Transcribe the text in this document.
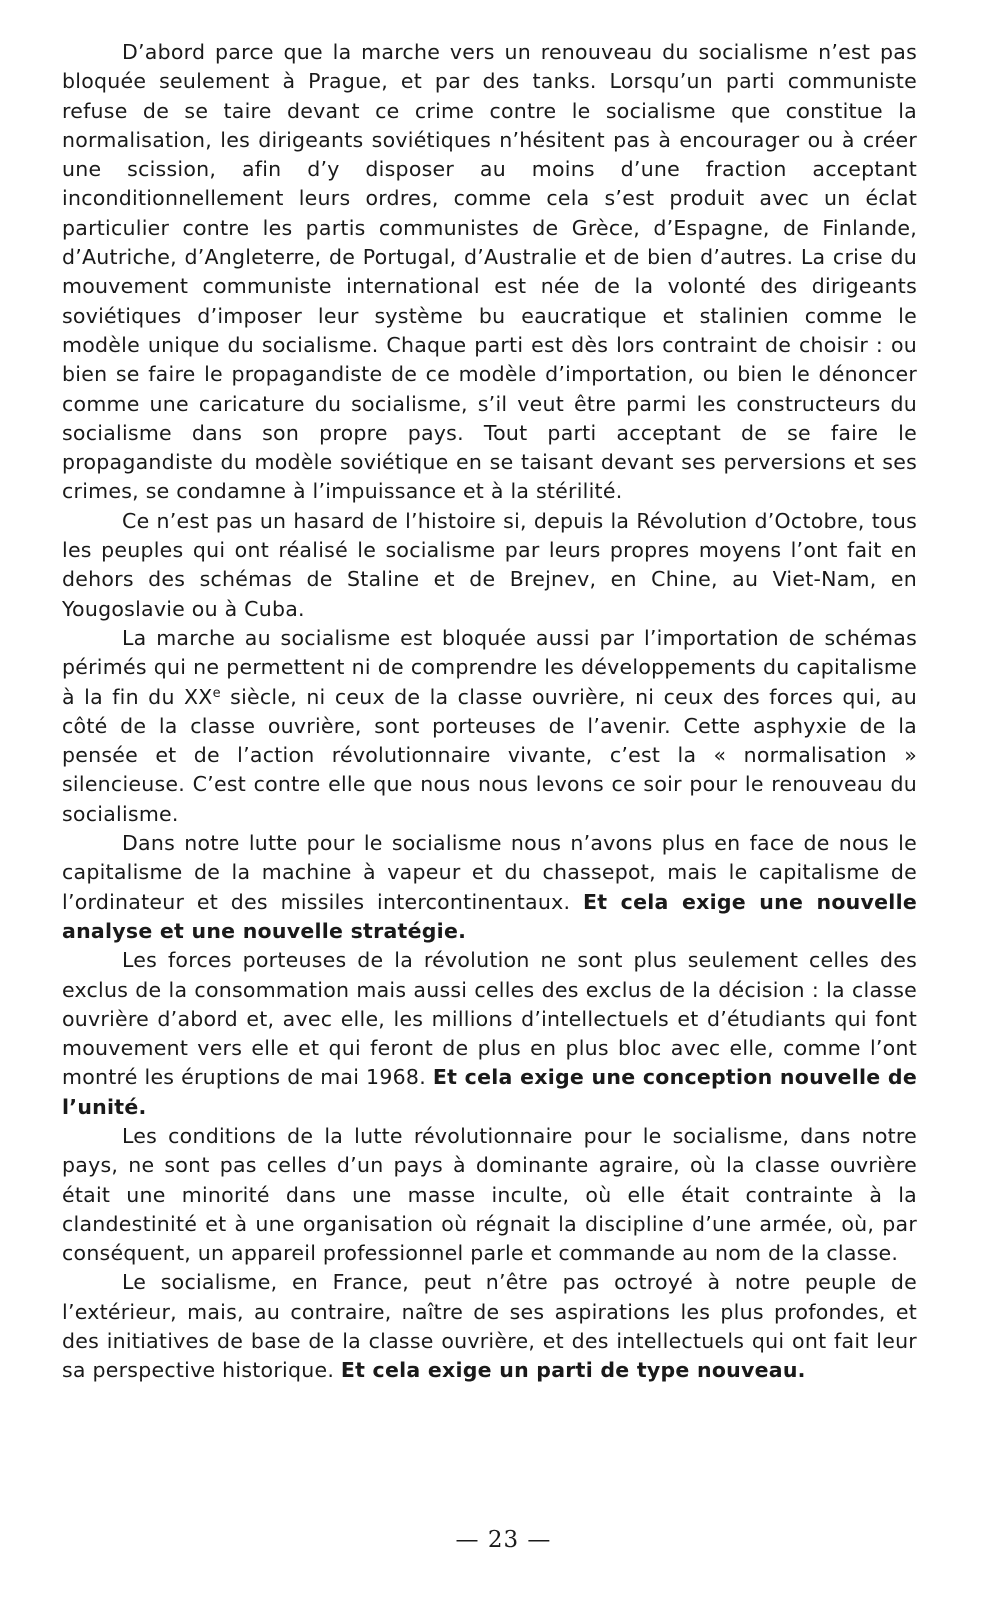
D’abord parce que la marche vers un renouveau du socialisme n’est pas bloquée seulement à Prague, et par des tanks. Lorsqu’un parti communiste refuse de se taire devant ce crime contre le socialisme que constitue la normalisation, les dirigeants soviétiques n’hésitent pas à encourager ou à créer une scission, afin d’y disposer au moins d’une fraction acceptant inconditionnellement leurs ordres, comme cela s’est produit avec un éclat particulier contre les partis communistes de Grèce, d’Espagne, de Finlande, d’Autriche, d’Angleterre, de Portugal, d’Australie et de bien d’autres. La crise du mouvement communiste international est née de la volonté des dirigeants soviétiques d’imposer leur système bu eaucratique et stalinien comme le modèle unique du socialisme. Chaque parti est dès lors contraint de choisir : ou bien se faire le propagandiste de ce modèle d’importation, ou bien le dénoncer comme une caricature du socialisme, s’il veut être parmi les constructeurs du socialisme dans son propre pays. Tout parti acceptant de se faire le propagandiste du modèle soviétique en se taisant devant ses perversions et ses crimes, se condamne à l’impuissance et à la stérilité.

Ce n’est pas un hasard de l’histoire si, depuis la Révolution d’Octobre, tous les peuples qui ont réalisé le socialisme par leurs propres moyens l’ont fait en dehors des schémas de Staline et de Brejnev, en Chine, au Viet-Nam, en Yougoslavie ou à Cuba.

La marche au socialisme est bloquée aussi par l’importation de schémas périmés qui ne permettent ni de comprendre les développements du capitalisme à la fin du XXe siècle, ni ceux de la classe ouvrière, ni ceux des forces qui, au côté de la classe ouvrière, sont porteuses de l’avenir. Cette asphyxie de la pensée et de l’action révolutionnaire vivante, c’est la « normalisation » silencieuse. C’est contre elle que nous nous levons ce soir pour le renouveau du socialisme.

Dans notre lutte pour le socialisme nous n’avons plus en face de nous le capitalisme de la machine à vapeur et du chassepot, mais le capitalisme de l’ordinateur et des missiles intercontinentaux. Et cela exige une nouvelle analyse et une nouvelle stratégie.

Les forces porteuses de la révolution ne sont plus seulement celles des exclus de la consommation mais aussi celles des exclus de la décision : la classe ouvrière d’abord et, avec elle, les millions d’intellectuels et d’étudiants qui font mouvement vers elle et qui feront de plus en plus bloc avec elle, comme l’ont montré les éruptions de mai 1968. Et cela exige une conception nouvelle de l’unité.

Les conditions de la lutte révolutionnaire pour le socialisme, dans notre pays, ne sont pas celles d’un pays à dominante agraire, où la classe ouvrière était une minorité dans une masse inculte, où elle était contrainte à la clandestinité et à une organisation où régnait la discipline d’une armée, où, par conséquent, un appareil professionnel parle et commande au nom de la classe.

Le socialisme, en France, peut n’être pas octroyé à notre peuple de l’extérieur, mais, au contraire, naître de ses aspirations les plus profondes, et des initiatives de base de la classe ouvrière, et des intellectuels qui ont fait leur sa perspective historique. Et cela exige un parti de type nouveau.

— 23 —
